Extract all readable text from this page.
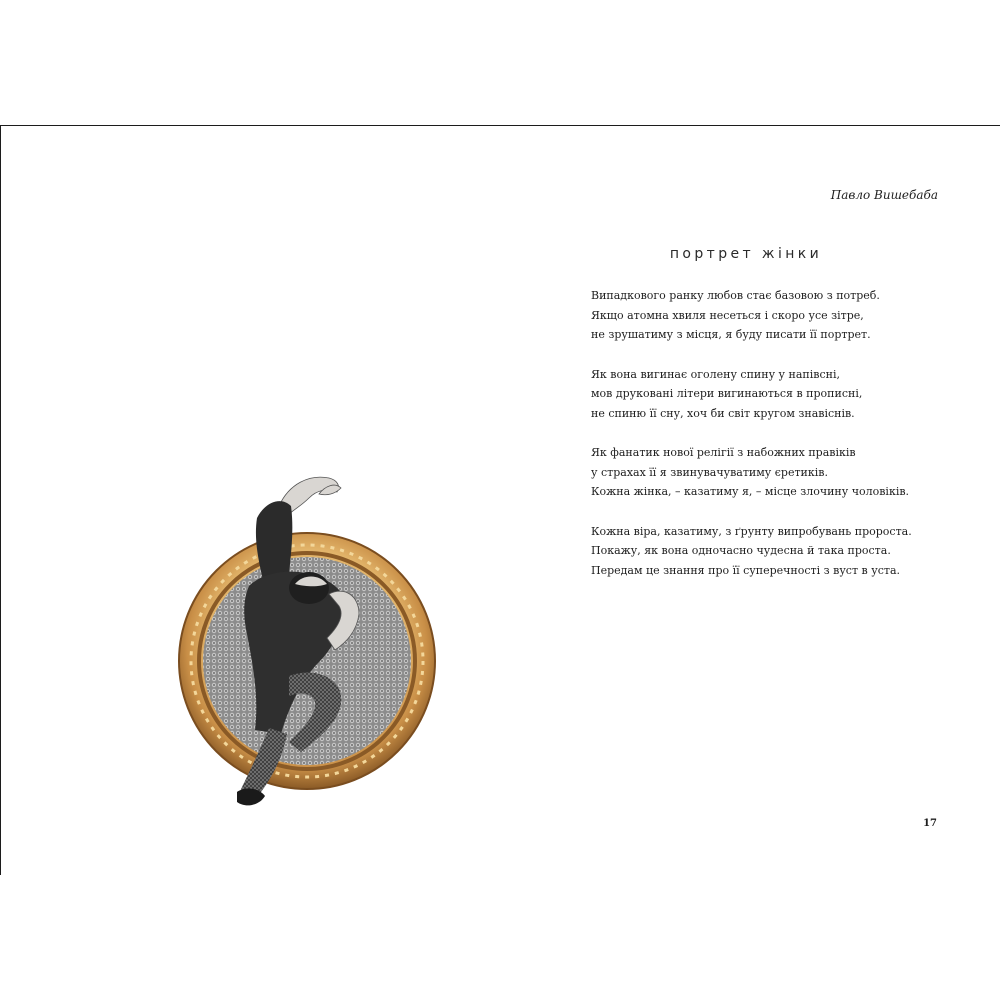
Павло Вишебаба
портрет жінки
Випадкового ранку любов стає базовою з потреб.
Якщо атомна хвиля несеться і скоро усе зітре,
не зрушатиму з місця, я буду писати її портрет.
Як вона вигинає оголену спину у напівсні,
мов друковані літери вигинаються в прописні,
не спиню її сну, хоч би світ кругом знавіснів.
Як фанатик нової релігії з набожних правіків
у страхах її я звинувачуватиму єретиків.
Кожна жінка, – казатиму я, – місце злочину чоловіків.
Кожна віра, казатиму, з ґрунту випробувань пророста.
Покажу, як вона одночасно чудесна й така проста.
Передам це знання про її суперечності з вуст в уста.
17
